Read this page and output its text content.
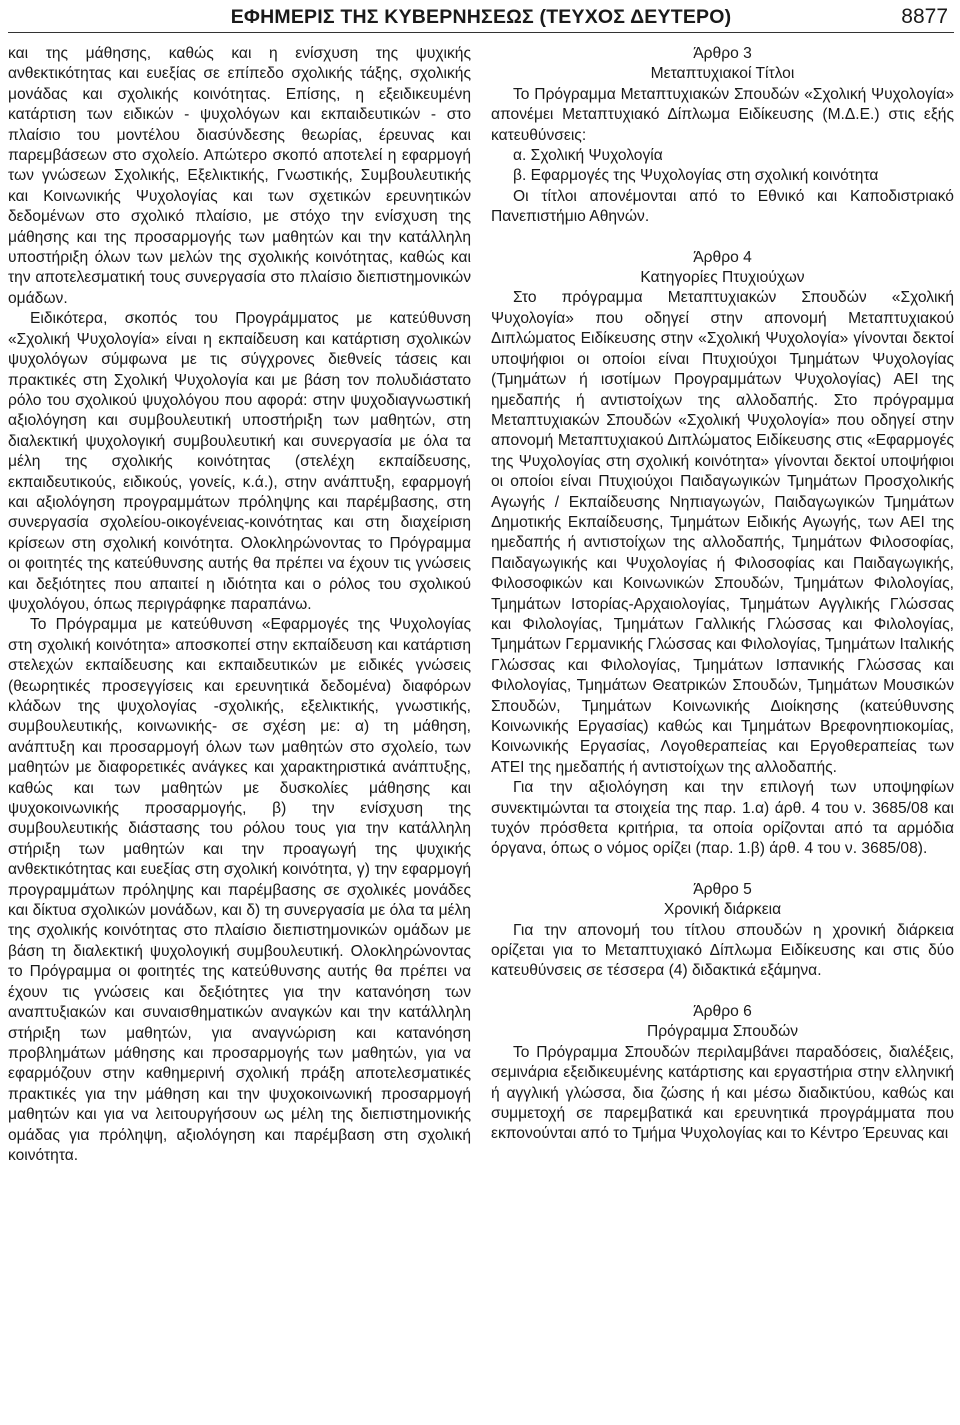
ΕΦΗΜΕΡΙΣ ΤΗΣ ΚΥΒΕΡΝΗΣΕΩΣ (ΤΕΥΧΟΣ ΔΕΥΤΕΡΟ)	8877

και της μάθησης, καθώς και η ενίσχυση της ψυχικής ανθεκτικότητας και ευεξίας σε επίπεδο σχολικής τάξης, σχολικής μονάδας και σχολικής κοινότητας. Επίσης, η εξειδικευμένη κατάρτιση των ειδικών - ψυχολόγων και εκπαιδευτικών - στο πλαίσιο του μοντέλου διασύνδεσης θεωρίας, έρευνας και παρεμβάσεων στο σχολείο. Απώτερο σκοπό αποτελεί η εφαρμογή των γνώσεων Σχολικής, Εξελικτικής, Γνωστικής, Συμβουλευτικής και Κοινωνικής Ψυχολογίας και των σχετικών ερευνητικών δεδομένων στο σχολικό πλαίσιο, με στόχο την ενίσχυση της μάθησης και της προσαρμογής των μαθητών και την κατάλληλη υποστήριξη όλων των μελών της σχολικής κοινότητας, καθώς και την αποτελεσματική τους συνεργασία στο πλαίσιο διεπιστημονικών ομάδων.

Ειδικότερα, σκοπός του Προγράμματος με κατεύθυνση «Σχολική Ψυχολογία» είναι η εκπαίδευση και κατάρτιση σχολικών ψυχολόγων σύμφωνα με τις σύγχρονες διεθνείς τάσεις και πρακτικές στη Σχολική Ψυχολογία και με βάση τον πολυδιάστατο ρόλο του σχολικού ψυχολόγου που αφορά: στην ψυχοδιαγνωστική αξιολόγηση και συμβουλευτική υποστήριξη των μαθητών, στη διαλεκτική ψυχολογική συμβουλευτική και συνεργασία με όλα τα μέλη της σχολικής κοινότητας (στελέχη εκπαίδευσης, εκπαιδευτικούς, ειδικούς, γονείς, κ.ά.), στην ανάπτυξη, εφαρμογή και αξιολόγηση προγραμμάτων πρόληψης και παρέμβασης, στη συνεργασία σχολείου-οικογένειας-κοινότητας και στη διαχείριση κρίσεων στη σχολική κοινότητα. Ολοκληρώνοντας το Πρόγραμμα οι φοιτητές της κατεύθυνσης αυτής θα πρέπει να έχουν τις γνώσεις και δεξιότητες που απαιτεί η ιδιότητα και ο ρόλος του σχολικού ψυχολόγου, όπως περιγράφηκε παραπάνω.

Το Πρόγραμμα με κατεύθυνση «Εφαρμογές της Ψυχολογίας στη σχολική κοινότητα» αποσκοπεί στην εκπαίδευση και κατάρτιση στελεχών εκπαίδευσης και εκπαιδευτικών με ειδικές γνώσεις (θεωρητικές προσεγγίσεις και ερευνητικά δεδομένα) διαφόρων κλάδων της ψυχολογίας -σχολικής, εξελικτικής, γνωστικής, συμβουλευτικής, κοινωνικής- σε σχέση με: α) τη μάθηση, ανάπτυξη και προσαρμογή όλων των μαθητών στο σχολείο, των μαθητών με διαφορετικές ανάγκες και χαρακτηριστικά ανάπτυξης, καθώς και των μαθητών με δυσκολίες μάθησης και ψυχοκοινωνικής προσαρμογής, β) την ενίσχυση της συμβουλευτικής διάστασης του ρόλου τους για την κατάλληλη στήριξη των μαθητών και την προαγωγή της ψυχικής ανθεκτικότητας και ευεξίας στη σχολική κοινότητα, γ) την εφαρμογή προγραμμάτων πρόληψης και παρέμβασης σε σχολικές μονάδες και δίκτυα σχολικών μονάδων, και δ) τη συνεργασία με όλα τα μέλη της σχολικής κοινότητας στο πλαίσιο διεπιστημονικών ομάδων με βάση τη διαλεκτική ψυχολογική συμβουλευτική. Ολοκληρώνοντας το Πρόγραμμα οι φοιτητές της κατεύθυνσης αυτής θα πρέπει να έχουν τις γνώσεις και δεξιότητες για την κατανόηση των αναπτυξιακών και συναισθηματικών αναγκών και την κατάλληλη στήριξη των μαθητών, για αναγνώριση και κατανόηση προβλημάτων μάθησης και προσαρμογής των μαθητών, για να εφαρμόζουν στην καθημερινή σχολική πράξη αποτελεσματικές πρακτικές για την μάθηση και την ψυχοκοινωνική προσαρμογή μαθητών και για να λειτουργήσουν ως μέλη της διεπιστημονικής ομάδας για πρόληψη, αξιολόγηση και παρέμβαση στη σχολική κοινότητα.

Άρθρο 3

Μεταπτυχιακοί Τίτλοι

Το Πρόγραμμα Μεταπτυχιακών Σπουδών «Σχολική Ψυχολογία» απονέμει Μεταπτυχιακό Δίπλωμα Ειδίκευσης (Μ.Δ.Ε.) στις εξής κατευθύνσεις:

α. Σχολική Ψυχολογία

β. Εφαρμογές της Ψυχολογίας στη σχολική κοινότητα

Οι τίτλοι απονέμονται από το Εθνικό και Καποδιστριακό Πανεπιστήμιο Αθηνών.

Άρθρο 4

Κατηγορίες Πτυχιούχων

Στο πρόγραμμα Μεταπτυχιακών Σπουδών «Σχολική Ψυχολογία» που οδηγεί στην απονομή Μεταπτυχιακού Διπλώματος Ειδίκευσης στην «Σχολική Ψυχολογία» γίνονται δεκτοί υποψήφιοι οι οποίοι είναι Πτυχιούχοι Τμημάτων Ψυχολογίας (Τμημάτων ή ισοτίμων Προγραμμάτων Ψυχολογίας) ΑΕΙ της ημεδαπής ή αντιστοίχων της αλλοδαπής. Στο πρόγραμμα Μεταπτυχιακών Σπουδών «Σχολική Ψυχολογία» που οδηγεί στην απονομή Μεταπτυχιακού Διπλώματος Ειδίκευσης στις «Εφαρμογές της Ψυχολογίας στη σχολική κοινότητα» γίνονται δεκτοί υποψήφιοι οι οποίοι είναι Πτυχιούχοι Παιδαγωγικών Τμημάτων Προσχολικής Αγωγής / Εκπαίδευσης Νηπιαγωγών, Παιδαγωγικών Τμημάτων Δημοτικής Εκπαίδευσης, Τμημάτων Ειδικής Αγωγής, των ΑΕΙ της ημεδαπής ή αντιστοίχων της αλλοδαπής, Τμημάτων Φιλοσοφίας, Παιδαγωγικής και Ψυχολογίας ή Φιλοσοφίας και Παιδαγωγικής, Φιλοσοφικών και Κοινωνικών Σπουδών, Τμημάτων Φιλολογίας, Τμημάτων Ιστορίας-Αρχαιολογίας, Τμημάτων Αγγλικής Γλώσσας και Φιλολογίας, Τμημάτων Γαλλικής Γλώσσας και Φιλολογίας, Τμημάτων Γερμανικής Γλώσσας και Φιλολογίας, Τμημάτων Ιταλικής Γλώσσας και Φιλολογίας, Τμημάτων Ισπανικής Γλώσσας και Φιλολογίας, Τμημάτων Θεατρικών Σπουδών, Τμημάτων Μουσικών Σπουδών, Τμημάτων Κοινωνικής Διοίκησης (κατεύθυνσης Κοινωνικής Εργασίας) καθώς και Τμημάτων Βρεφονηπιοκομίας, Κοινωνικής Εργασίας, Λογοθεραπείας και Εργοθεραπείας των ΑΤΕΙ της ημεδαπής ή αντιστοίχων της αλλοδαπής.

Για την αξιολόγηση και την επιλογή των υποψηφίων συνεκτιμώνται τα στοιχεία της παρ. 1.α) άρθ. 4 του ν. 3685/08 και τυχόν πρόσθετα κριτήρια, τα οποία ορίζονται από τα αρμόδια όργανα, όπως ο νόμος ορίζει (παρ. 1.β) άρθ. 4 του ν. 3685/08).

Άρθρο 5

Χρονική διάρκεια

Για την απονομή του τίτλου σπουδών η χρονική διάρκεια ορίζεται για το Μεταπτυχιακό Δίπλωμα Ειδίκευσης και στις δύο κατευθύνσεις σε τέσσερα (4) διδακτικά εξάμηνα.

Άρθρο 6

Πρόγραμμα Σπουδών

Το Πρόγραμμα Σπουδών περιλαμβάνει παραδόσεις, διαλέξεις, σεμινάρια εξειδικευμένης κατάρτισης και εργαστήρια στην ελληνική ή αγγλική γλώσσα, δια ζώσης ή και μέσω διαδικτύου, καθώς και συμμετοχή σε παρεμβατικά και ερευνητικά προγράμματα που εκπονούνται από το Τμήμα Ψυχολογίας και το Κέντρο Έρευνας και
